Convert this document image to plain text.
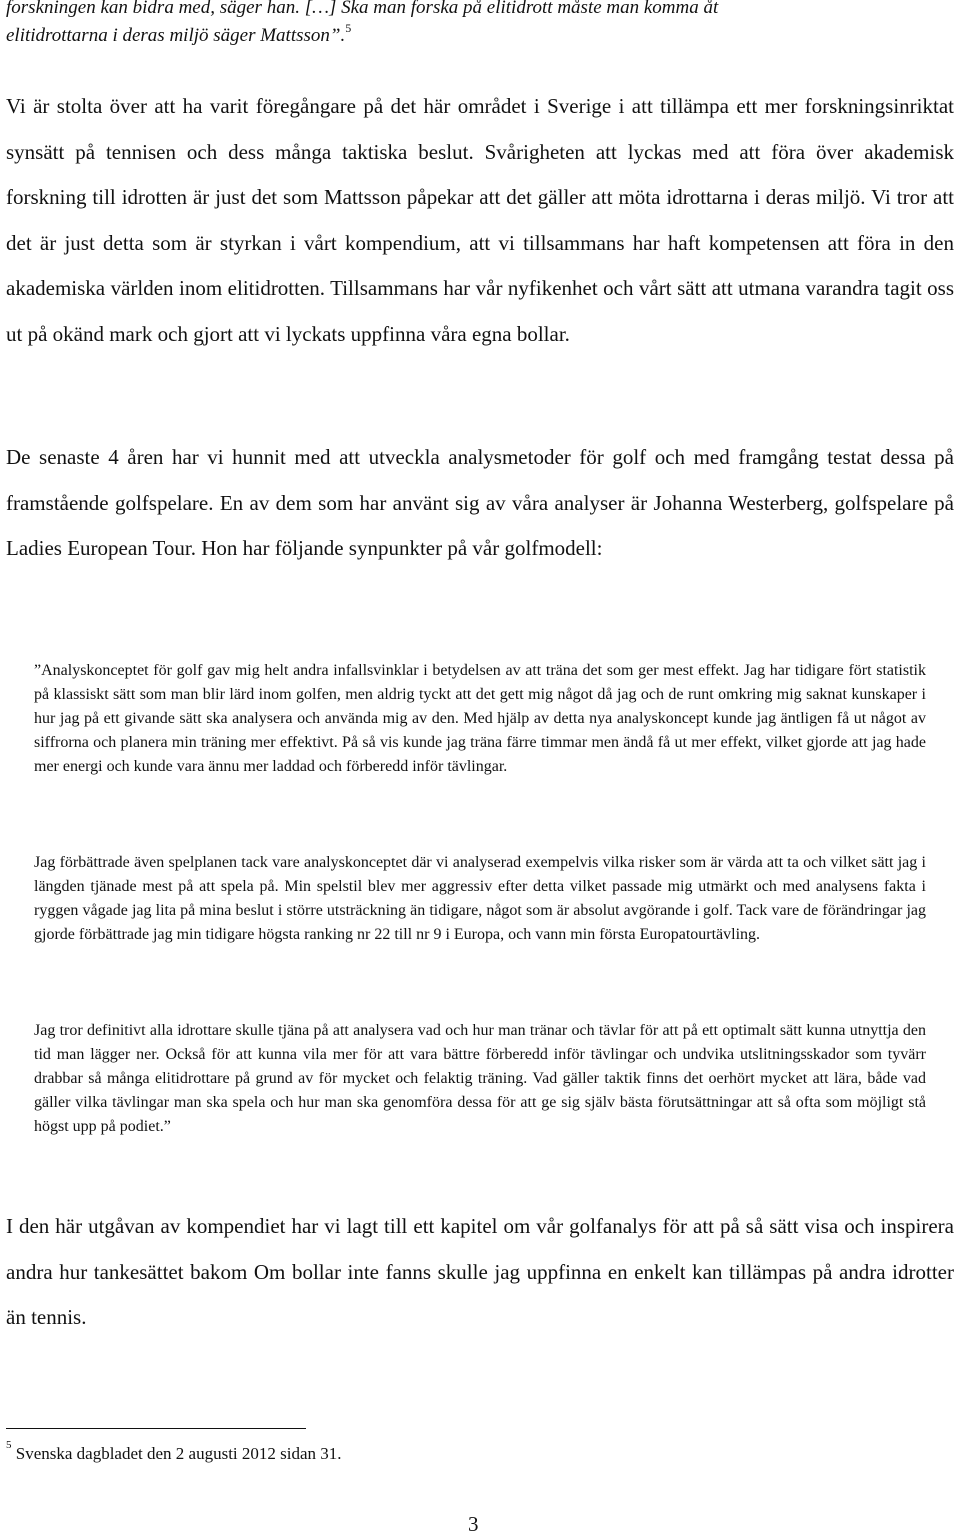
forskningen kan bidra med, säger han. […] Ska man forska på elitidrott måste man komma åt
elitidrottarna i deras miljö säger Mattsson”.$^5$

Vi är stolta över att ha varit föregångare på det här området i Sverige i att tillämpa ett mer forskningsinriktat synsätt på tennisen och dess många taktiska beslut. Svårigheten att lyckas med att föra över akademisk forskning till idrotten är just det som Mattsson påpekar att det gäller att möta idrottarna i deras miljö. Vi tror att det är just detta som är styrkan i vårt kompendium, att vi tillsammans har haft kompetensen att föra in den akademiska världen inom elitidrotten. Tillsammans har vår nyfikenhet och vårt sätt att utmana varandra tagit oss ut på okänd mark och gjort att vi lyckats uppfinna våra egna bollar.

De senaste 4 åren har vi hunnit med att utveckla analysmetoder för golf och med framgång testat dessa på framstående golfspelare. En av dem som har använt sig av våra analyser är Johanna Westerberg, golfspelare på Ladies European Tour. Hon har följande synpunkter på vår golfmodell:

”Analyskonceptet för golf gav mig helt andra infallsvinklar i betydelsen av att träna det som ger mest effekt. Jag har tidigare fört statistik på klassiskt sätt som man blir lärd inom golfen, men aldrig tyckt att det gett mig något då jag och de runt omkring mig saknat kunskaper i hur jag på ett givande sätt ska analysera och använda mig av den. Med hjälp av detta nya analyskoncept kunde jag äntligen få ut något av siffrorna och planera min träning mer effektivt. På så vis kunde jag träna färre timmar men ändå få ut mer effekt, vilket gjorde att jag hade mer energi och kunde vara ännu mer laddad och förberedd inför tävlingar.

Jag förbättrade även spelplanen tack vare analyskonceptet där vi analyserad exempelvis vilka risker som är värda att ta och vilket sätt jag i längden tjänade mest på att spela på. Min spelstil blev mer aggressiv efter detta vilket passade mig utmärkt och med analysens fakta i ryggen vågade jag lita på mina beslut i större utsträckning än tidigare, något som är absolut avgörande i golf. Tack vare de förändringar jag gjorde förbättrade jag min tidigare högsta ranking nr 22 till nr 9 i Europa, och vann min första Europatourtävling.

Jag tror definitivt alla idrottare skulle tjäna på att analysera vad och hur man tränar och tävlar för att på ett optimalt sätt kunna utnyttja den tid man lägger ner. Också för att kunna vila mer för att vara bättre förberedd inför tävlingar och undvika utslitningsskador som tyvärr drabbar så många elitidrottare på grund av för mycket och felaktig träning. Vad gäller taktik finns det oerhört mycket att lära, både vad gäller vilka tävlingar man ska spela och hur man ska genomföra dessa för att ge sig själv bästa förutsättningar att så ofta som möjligt stå högst upp på podiet.”

I den här utgåvan av kompendiet har vi lagt till ett kapitel om vår golfanalys för att på så sätt visa och inspirera andra hur tankesättet bakom Om bollar inte fanns skulle jag uppfinna en enkelt kan tillämpas på andra idrotter än tennis.

$^5$ Svenska dagbladet den 2 augusti 2012 sidan 31.

3
